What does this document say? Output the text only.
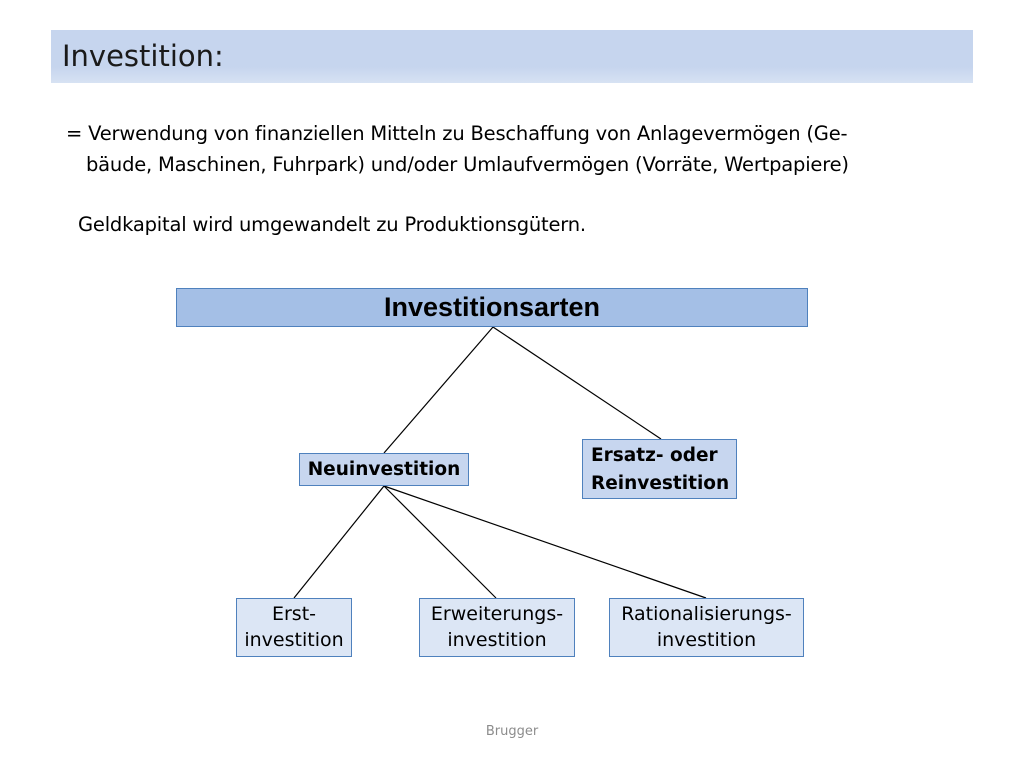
Investition:
= Verwendung von finanziellen Mitteln zu Beschaffung von Anlagevermögen (Ge-
bäude, Maschinen, Fuhrpark) und/oder Umlaufvermögen (Vorräte, Wertpapiere)
Geldkapital wird umgewandelt zu Produktionsgütern.
Investitionsarten
Neuinvestition
Ersatz- oder
Reinvestition
Erst-
investition
Erweiterungs-
investition
Rationalisierungs-
investition
Brugger
